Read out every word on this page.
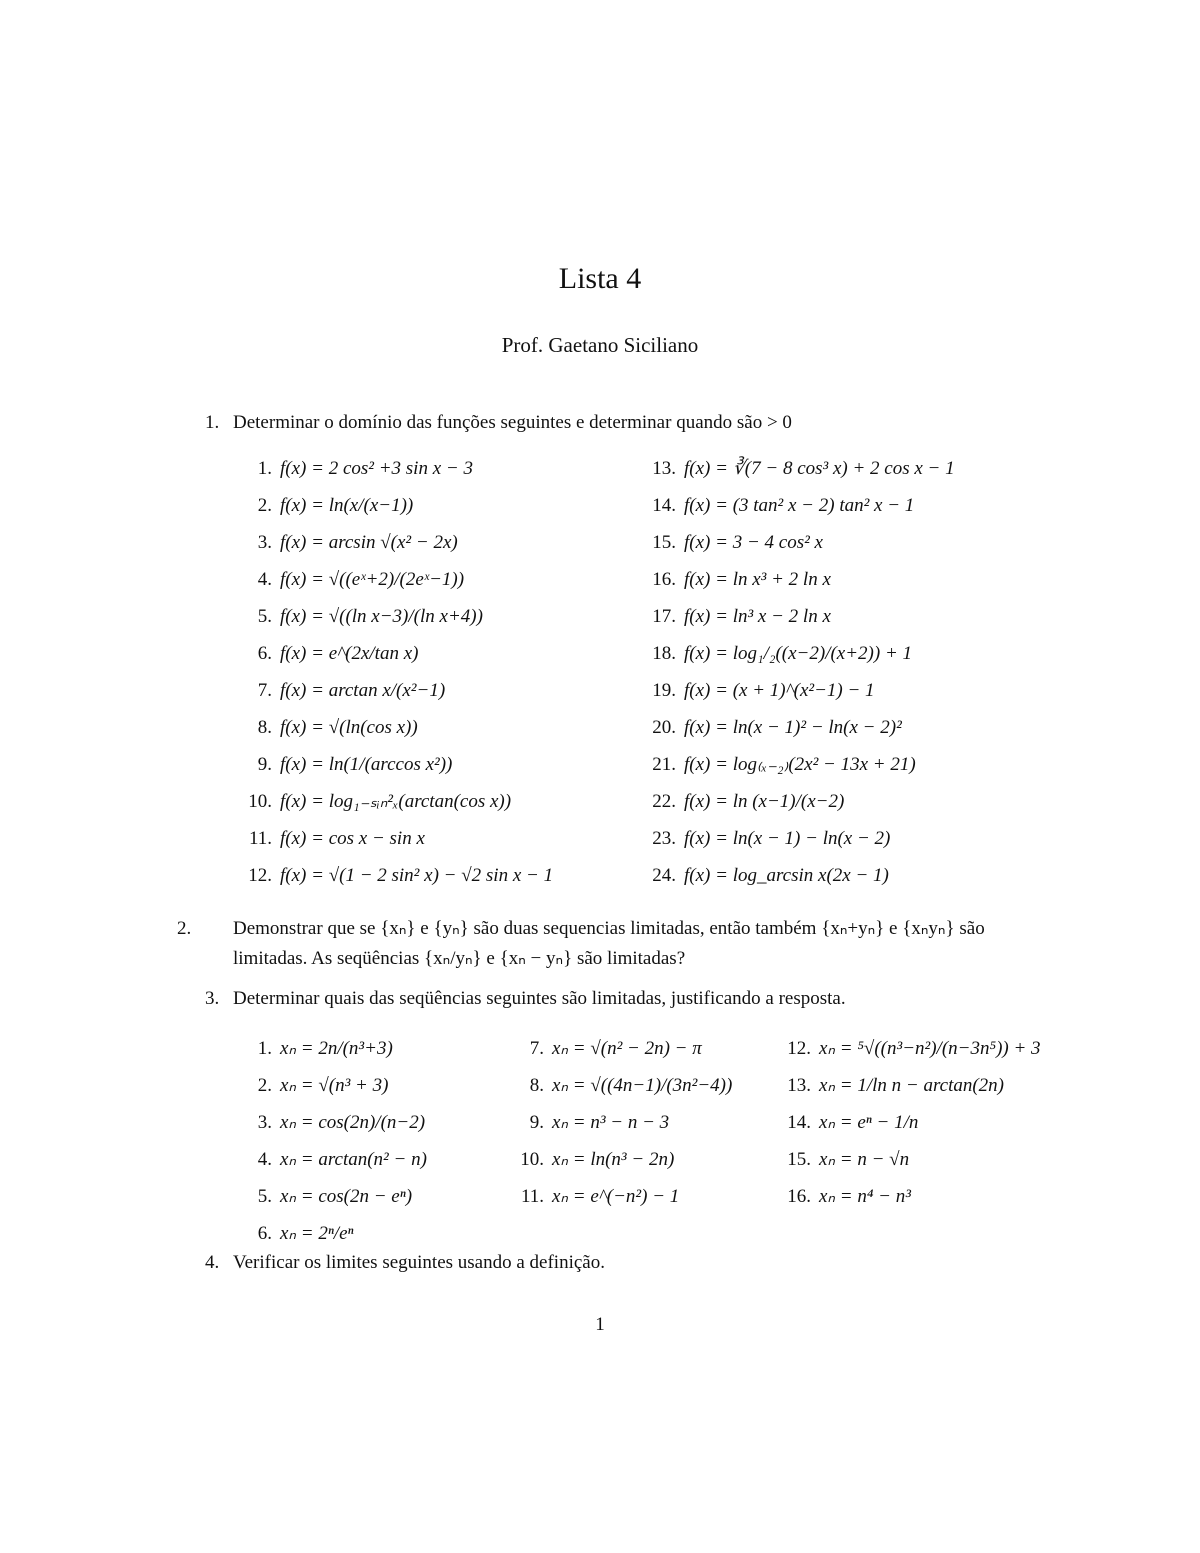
Lista 4
Prof. Gaetano Siciliano
1. Determinar o domínio das funções seguintes e determinar quando são > 0
1. f(x) = 2 cos² +3 sin x − 3
2. f(x) = ln(x/(x−1))
3. f(x) = arcsin √(x² − 2x)
4. f(x) = √((eˣ+2)/(2eˣ−1))
5. f(x) = √((ln x−3)/(ln x+4))
6. f(x) = e^(2x/tan x)
7. f(x) = arctan x/(x²−1)
8. f(x) = √(ln(cos x))
9. f(x) = ln(1/(arccos x²))
10. f(x) = log₁₋ₛᵢₙ²ₓ(arctan(cos x))
11. f(x) = cos x − sin x
12. f(x) = √(1 − 2 sin² x) − √2 sin x − 1
13. f(x) = ∛(7 − 8 cos³ x) + 2 cos x − 1
14. f(x) = (3 tan² x − 2) tan² x − 1
15. f(x) = 3 − 4 cos² x
16. f(x) = ln x³ + 2 ln x
17. f(x) = ln³ x − 2 ln x
18. f(x) = log₁/₂((x−2)/(x+2)) + 1
19. f(x) = (x + 1)^(x²−1) − 1
20. f(x) = ln(x − 1)² − ln(x − 2)²
21. f(x) = log₍ₓ₋₂₎(2x² − 13x + 21)
22. f(x) = ln (x−1)/(x−2)
23. f(x) = ln(x − 1) − ln(x − 2)
24. f(x) = log_arcsin x(2x − 1)
2. Demonstrar que se {xₙ} e {yₙ} são duas sequencias limitadas, então também {xₙ+yₙ} e {xₙyₙ} são limitadas. As seqüências {xₙ/yₙ} e {xₙ − yₙ} são limitadas?
3. Determinar quais das seqüências seguintes são limitadas, justificando a resposta.
1. xₙ = 2n/(n³+3)
2. xₙ = √(n³ + 3)
3. xₙ = cos(2n)/(n−2)
4. xₙ = arctan(n² − n)
5. xₙ = cos(2n − eⁿ)
6. xₙ = 2ⁿ/eⁿ
7. xₙ = √(n² − 2n) − π
8. xₙ = √((4n−1)/(3n²−4))
9. xₙ = n³ − n − 3
10. xₙ = ln(n³ − 2n)
11. xₙ = e^(−n²) − 1
12. xₙ = ⁵√((n³−n²)/(n−3n⁵)) + 3
13. xₙ = 1/ln n − arctan(2n)
14. xₙ = eⁿ − 1/n
15. xₙ = n − √n
16. xₙ = n⁴ − n³
4. Verificar os limites seguintes usando a definição.
1
